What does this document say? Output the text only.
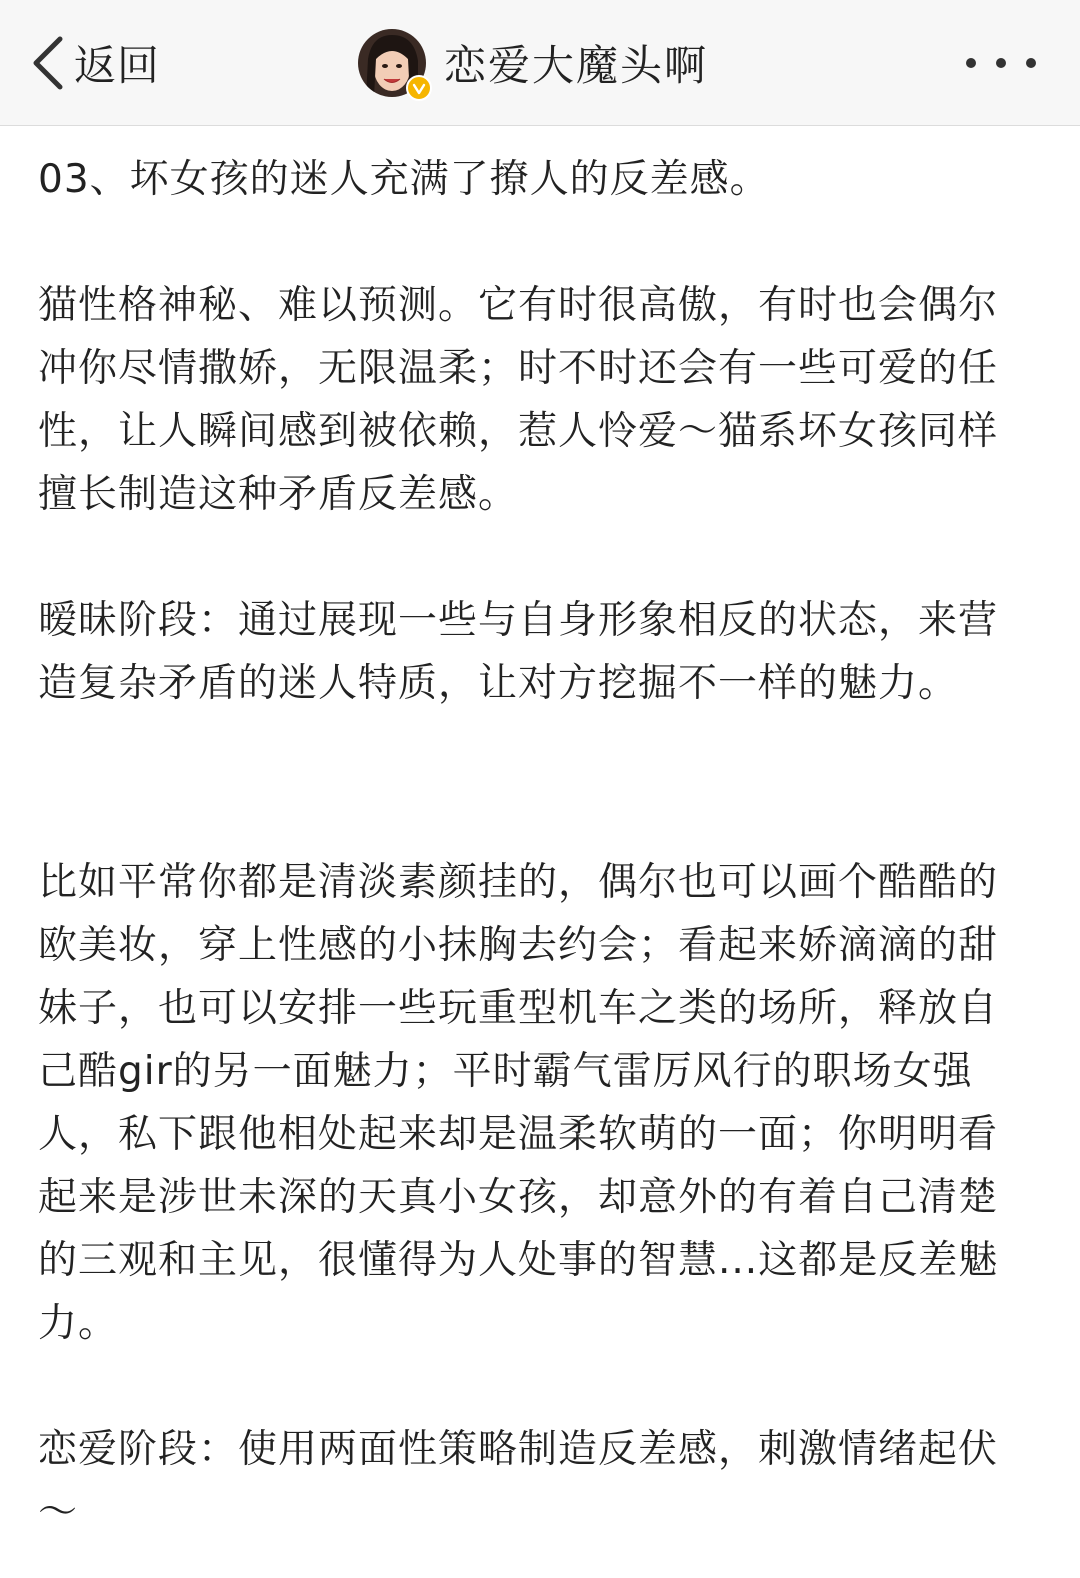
返回	恋爱大魔头啊

03、坏女孩的迷人充满了撩人的反差感。

猫性格神秘、难以预测。它有时很高傲，有时也会偶尔冲你尽情撒娇，无限温柔；时不时还会有一些可爱的任性，让人瞬间感到被依赖，惹人怜爱～猫系坏女孩同样擅长制造这种矛盾反差感。

暧昧阶段：通过展现一些与自身形象相反的状态，来营造复杂矛盾的迷人特质，让对方挖掘不一样的魅力。

比如平常你都是清淡素颜挂的，偶尔也可以画个酷酷的欧美妆，穿上性感的小抹胸去约会；看起来娇滴滴的甜妹子，也可以安排一些玩重型机车之类的场所，释放自己酷gir的另一面魅力；平时霸气雷厉风行的职场女强人，私下跟他相处起来却是温柔软萌的一面；你明明看起来是涉世未深的天真小女孩，却意外的有着自己清楚的三观和主见，很懂得为人处事的智慧...这都是反差魅力。

恋爱阶段：使用两面性策略制造反差感，刺激情绪起伏～
